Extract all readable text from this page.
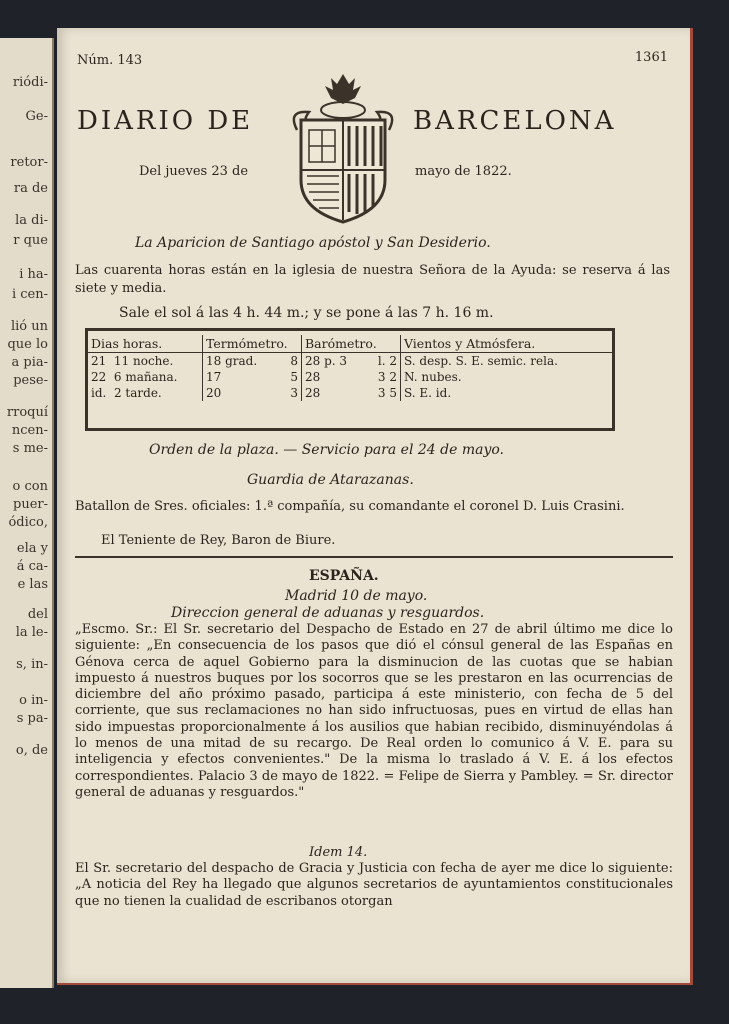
riódi-
Ge-
retor-
ra de
la di-
r que
i ha-
i cen-
lió un
que lo
a pia-
pese-
rroquí
ncen-
s me-
o con
puer-
ódico,
ela y
á ca-
e las
del
la le-
s, in-
o in-
s pa-
o, de
Núm. 143	1361
DIARIO DE	BARCELONA
Del jueves 23 de	mayo de 1822.
La Aparicion de Santiago apóstol y San Desiderio.
Las cuarenta horas están en la iglesia de nuestra Señora de la Ayuda: se reserva á las siete y media.
Sale el sol á las 4 h. 44 m.; y se pone á las 7 h. 16 m.
Dias horas.	Termómetro.	Barómetro.	Vientos y Atmósfera.
21 11 noche.	18 grad. 8	28 p. 3 l. 2	S. desp. S. E. semic. rela.
22 6 mañana.	17 5	28 3 2	N. nubes.
id. 2 tarde.	20 3	28 3 5	S. E. id.
Orden de la plaza. — Servicio para el 24 de mayo.
Guardia de Atarazanas.
Batallon de Sres. oficiales: 1.ª compañía, su comandante el coronel D. Luis Crasini.
El Teniente de Rey, Baron de Biure.
ESPAÑA.
Madrid 10 de mayo.
Direccion general de aduanas y resguardos.
„Escmo. Sr.: El Sr. secretario del Despacho de Estado en 27 de abril último me dice lo siguiente: „En consecuencia de los pasos que dió el cónsul general de las Españas en Génova cerca de aquel Gobierno para la disminucion de las cuotas que se habian impuesto á nuestros buques por los socorros que se les prestaron en las ocurrencias de diciembre del año próximo pasado, participa á este ministerio, con fecha de 5 del corriente, que sus reclamaciones no han sido infructuosas, pues en virtud de ellas han sido impuestas proporcionalmente á los ausilios que habian recibido, disminuyéndolas á lo menos de una mitad de su recargo. De Real orden lo comunico á V. E. para su inteligencia y efectos convenientes." De la misma lo traslado á V. E. á los efectos correspondientes. Palacio 3 de mayo de 1822. = Felipe de Sierra y Pambley. = Sr. director general de aduanas y resguardos."
Idem 14.
El Sr. secretario del despacho de Gracia y Justicia con fecha de ayer me dice lo siguiente: „A noticia del Rey ha llegado que algunos secretarios de ayuntamientos constitucionales que no tienen la cualidad de escribanos otorgan
